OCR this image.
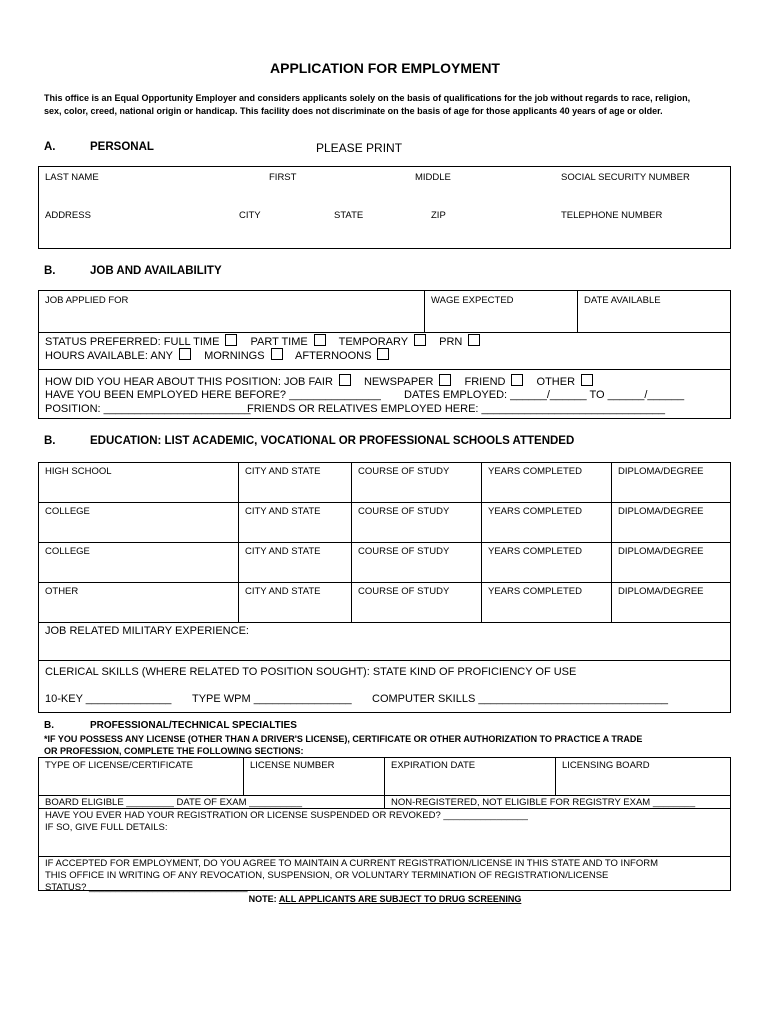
APPLICATION FOR EMPLOYMENT
This office is an Equal Opportunity Employer and considers applicants solely on the basis of qualifications for the job without regards to race, religion, sex, color, creed, national origin or handicap. This facility does not discriminate on the basis of age for those applicants 40 years of age or older.
A.	PERSONAL	PLEASE PRINT
LAST NAME	FIRST	MIDDLE	SOCIAL SECURITY NUMBER
ADDRESS	CITY	STATE	ZIP	TELEPHONE NUMBER
B.	JOB AND AVAILABILITY
JOB APPLIED FOR	WAGE EXPECTED	DATE AVAILABLE
STATUS PREFERRED: FULL TIME	PART TIME	TEMPORARY	PRN
HOURS AVAILABLE: ANY	MORNINGS	AFTERNOONS
HOW DID YOU HEAR ABOUT THIS POSITION: JOB FAIR	NEWSPAPER	FRIEND	OTHER
HAVE YOU BEEN EMPLOYED HERE BEFORE? _______________ DATES EMPLOYED: ______/______ TO ______/______
POSITION: ________________________
FRIENDS OR RELATIVES EMPLOYED HERE: ______________________________
B.	EDUCATION: LIST ACADEMIC, VOCATIONAL OR PROFESSIONAL SCHOOLS ATTENDED
HIGH SCHOOL	CITY AND STATE	COURSE OF STUDY	YEARS COMPLETED	DIPLOMA/DEGREE
COLLEGE	CITY AND STATE	COURSE OF STUDY	YEARS COMPLETED	DIPLOMA/DEGREE
COLLEGE	CITY AND STATE	COURSE OF STUDY	YEARS COMPLETED	DIPLOMA/DEGREE
OTHER	CITY AND STATE	COURSE OF STUDY	YEARS COMPLETED	DIPLOMA/DEGREE
JOB RELATED MILITARY EXPERIENCE:
CLERICAL SKILLS (WHERE RELATED TO POSITION SOUGHT): STATE KIND OF PROFICIENCY OF USE
10-KEY ______________ TYPE WPM ________________ COMPUTER SKILLS _______________________________
B.	PROFESSIONAL/TECHNICAL SPECIALTIES
*IF YOU POSSESS ANY LICENSE (OTHER THAN A DRIVER'S LICENSE), CERTIFICATE OR OTHER AUTHORIZATION TO PRACTICE A TRADE
OR PROFESSION, COMPLETE THE FOLLOWING SECTIONS:
TYPE OF LICENSE/CERTIFICATE	LICENSE NUMBER	EXPIRATION DATE	LICENSING BOARD
BOARD ELIGIBLE _________ DATE OF EXAM __________	NON-REGISTERED, NOT ELIGIBLE FOR REGISTRY EXAM ________
HAVE YOU EVER HAD YOUR REGISTRATION OR LICENSE SUSPENDED OR REVOKED? ________________
IF SO, GIVE FULL DETAILS:
IF ACCEPTED FOR EMPLOYMENT, DO YOU AGREE TO MAINTAIN A CURRENT REGISTRATION/LICENSE IN THIS STATE AND TO INFORM
THIS OFFICE IN WRITING OF ANY REVOCATION, SUSPENSION, OR VOLUNTARY TERMINATION OF REGISTRATION/LICENSE
STATUS? ______________________________
NOTE: ALL APPLICANTS ARE SUBJECT TO DRUG SCREENING
